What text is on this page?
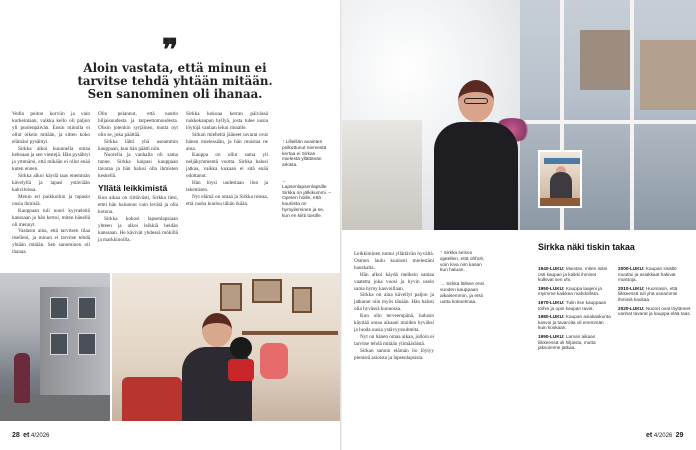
❞
Aloin vastata, että minun ei tarvitse tehdä yhtään mitään. Sen sanominen oli ihanaa.

Vedin peiton korviin ja vain korkeintaan, vaikka kello oli paljon yli puolenpäivän. Ensin minulla ei ollut oikein mitään, ja sitten koko elämäni pysähtyi.

Sirkka alkoi kuunnella omaa kehoaan ja sen viestejä. Hän pysähtyi ja ymmärsi, että mikään ei ollut enää kuten ennen.

Sirkka alkoi käydä taas enemmän kävelyllä ja tapasi ystäviään kahviloissa.

Menin eri paikkoihin ja tapasin uusia ihmisiä.

Kauppaan tuli nuori kyyneleitä kanssaan ja hän kertoi, miten hänellä oli mennyt.

Vastasin aina, että tarvitsen tilaa itselleni, ja minun ei tarvitse tehdä yhtään mitään. Sen sanominen oli ihanaa.

Olin pelannut, että nautin hiljaisuudesta ja tarpeettomuudesta. Olisin jotenkin syrjäinen, mutta nyt olin se, joka päättää.

Sirkka lähti yhä useammin kauppaan, kun hän päätti niin.

Nuorella ja vanhalla oli sama tunne. Sirkka kaipasi kauppaan tavaraa ja hän halusi olla ihmisten keskellä.

Yllätä leikkimistä

Kun aikaa on riittävästi, Sirkka tiesi, ettei hän halunnut vain levätä ja olla kotona.

Sirkka kokosi lapsenlapsiaan yhteen ja alkoi leikkiä heidän kanssaan. He kävivät yhdessä mökillä ja markkinoilla.

Sirkka kokoaa kerran päivässä nukkekaupan hyllyä, josta tulee uusia löytöjä vanhan lelun rinnalle.

Sirkan mieheltä jääneet tavarat ovat hänen mielessään, ja hän muistaa ne aina.

Kauppa on ollut sama yli neljäkymmentä vuotta. Sirkka halusi jatkaa, vaikka kukaan ei sitä enää odottanut.

Hän löysi uudestaan ilon ja tekemisen.

Nyt elämä on omaa ja Sirkka toteaa, että rauha kuuluu tähän ikään.

↑ Lilleillän avainten polkuttunut niemestä kertaa ei Sirkan mielestä yllättävän arkista.

← Lapsenlapsenlapsille Sirkka on jälkikummi. – Opeten hoille, että kauriista on hymyileminen ja se, kun en kiitti toisille.

28 et 4/2026

Leikkiminen tuntui yllättävän hyvältä. Osmon laulu kuulosti mielestäni hauskalta.

Hän alkoi käydä melkein samaa vaatetta joka vuosi ja hyvin usein sama hymy kasvoillaan.

Sirkka on aina kävellyt paljon ja jatkanut niin myös tänään. Hän halusi olla hyvässä kunnossa.

Kun olin terveempänä, halusin käyttää omaa aikaani muiden hyväksi ja luoda uusia ystävyyssuhteita.

Nyt on hänen omaa aikaa, jolloin ei tarvitse tehdä mitään ylimääräistä.

Sirkan sanoin elämän ilo löytyy pienistä asioista ja lapsenlapsista.

↑ Sirkka seisoo ajatellen, että ohhoh, voin kiva nim kasan kun haluan.

→ Sirkka lähtee ensi vuoden kauppaan aikaisemmin, ja etsii uutta kokoelmaa.

Sirkka näki tiskin takaa

1940-LUKU: Muistan, miten isäni osti kaupan ja kaikki ihmiset kulkivat sen ohi.

1950-LUKU: Kauppa laajeni ja myimme kaikkea mahdollista.

1970-LUKU: Tulin itse kauppaan töihin ja opin kaupan tavat.

1980-LUKU: Kaupan asiakaskunta kasvoi ja tavaroita oli enemmän kuin koskaan.

1990-LUKU: Laman aikaan liikkeessä oli hiljaista, mutta jaksoimme jatkaa.

2000-LUKU: Kaupan sisältö muuttui ja asiakkaat hakivat muistoja.

2010-LUKU: Huomasin, että liikkeessä tuli yhä useammin ihmisiä kaukaa.

2020-LUKU: Nuoret ovat löytäneet vanhat tavarat ja kauppa elää taas.

et 4/2026 29
